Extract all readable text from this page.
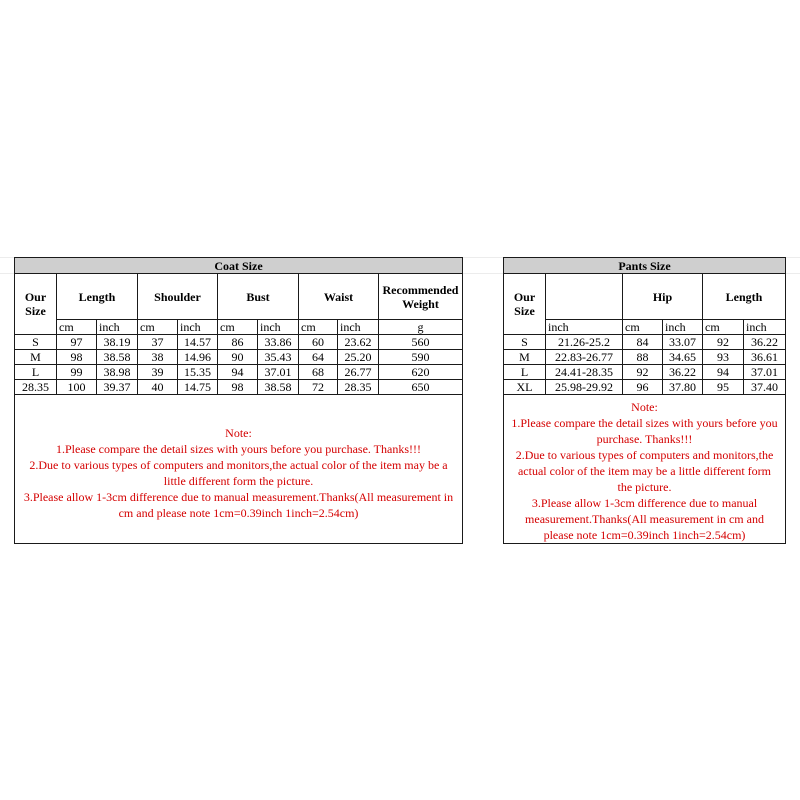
Coat Size									
Our Size	Length		Shoulder		Bust		Waist		Recommended Weight
	cm	inch	cm	inch	cm	inch	cm	inch	g
S	97	38.19	37	14.57	86	33.86	60	23.62	560
M	98	38.58	38	14.96	90	35.43	64	25.20	590
L	99	38.98	39	15.35	94	37.01	68	26.77	620
28.35	100	39.37	40	14.75	98	38.58	72	28.35	650

Note:
1.Please compare the detail sizes with yours before you purchase. Thanks!!!
2.Due to various types of computers and monitors,the actual color of the item may be a little different form the picture.
3.Please allow 1-3cm difference due to manual measurement.Thanks(All measurement in cm and please note 1cm=0.39inch 1inch=2.54cm)									
Pants Size					
Our Size		Hip		Length	
	inch	cm	inch	cm	inch
S	21.26-25.2	84	33.07	92	36.22
M	22.83-26.77	88	34.65	93	36.61
L	24.41-28.35	92	36.22	94	37.01
XL	25.98-29.92	96	37.80	95	37.40

Note:
1.Please compare the detail sizes with yours before you purchase. Thanks!!!
2.Due to various types of computers and monitors,the actual color of the item may be a little different form the picture.
3.Please allow 1-3cm difference due to manual measurement.Thanks(All measurement in cm and please note 1cm=0.39inch 1inch=2.54cm)					
